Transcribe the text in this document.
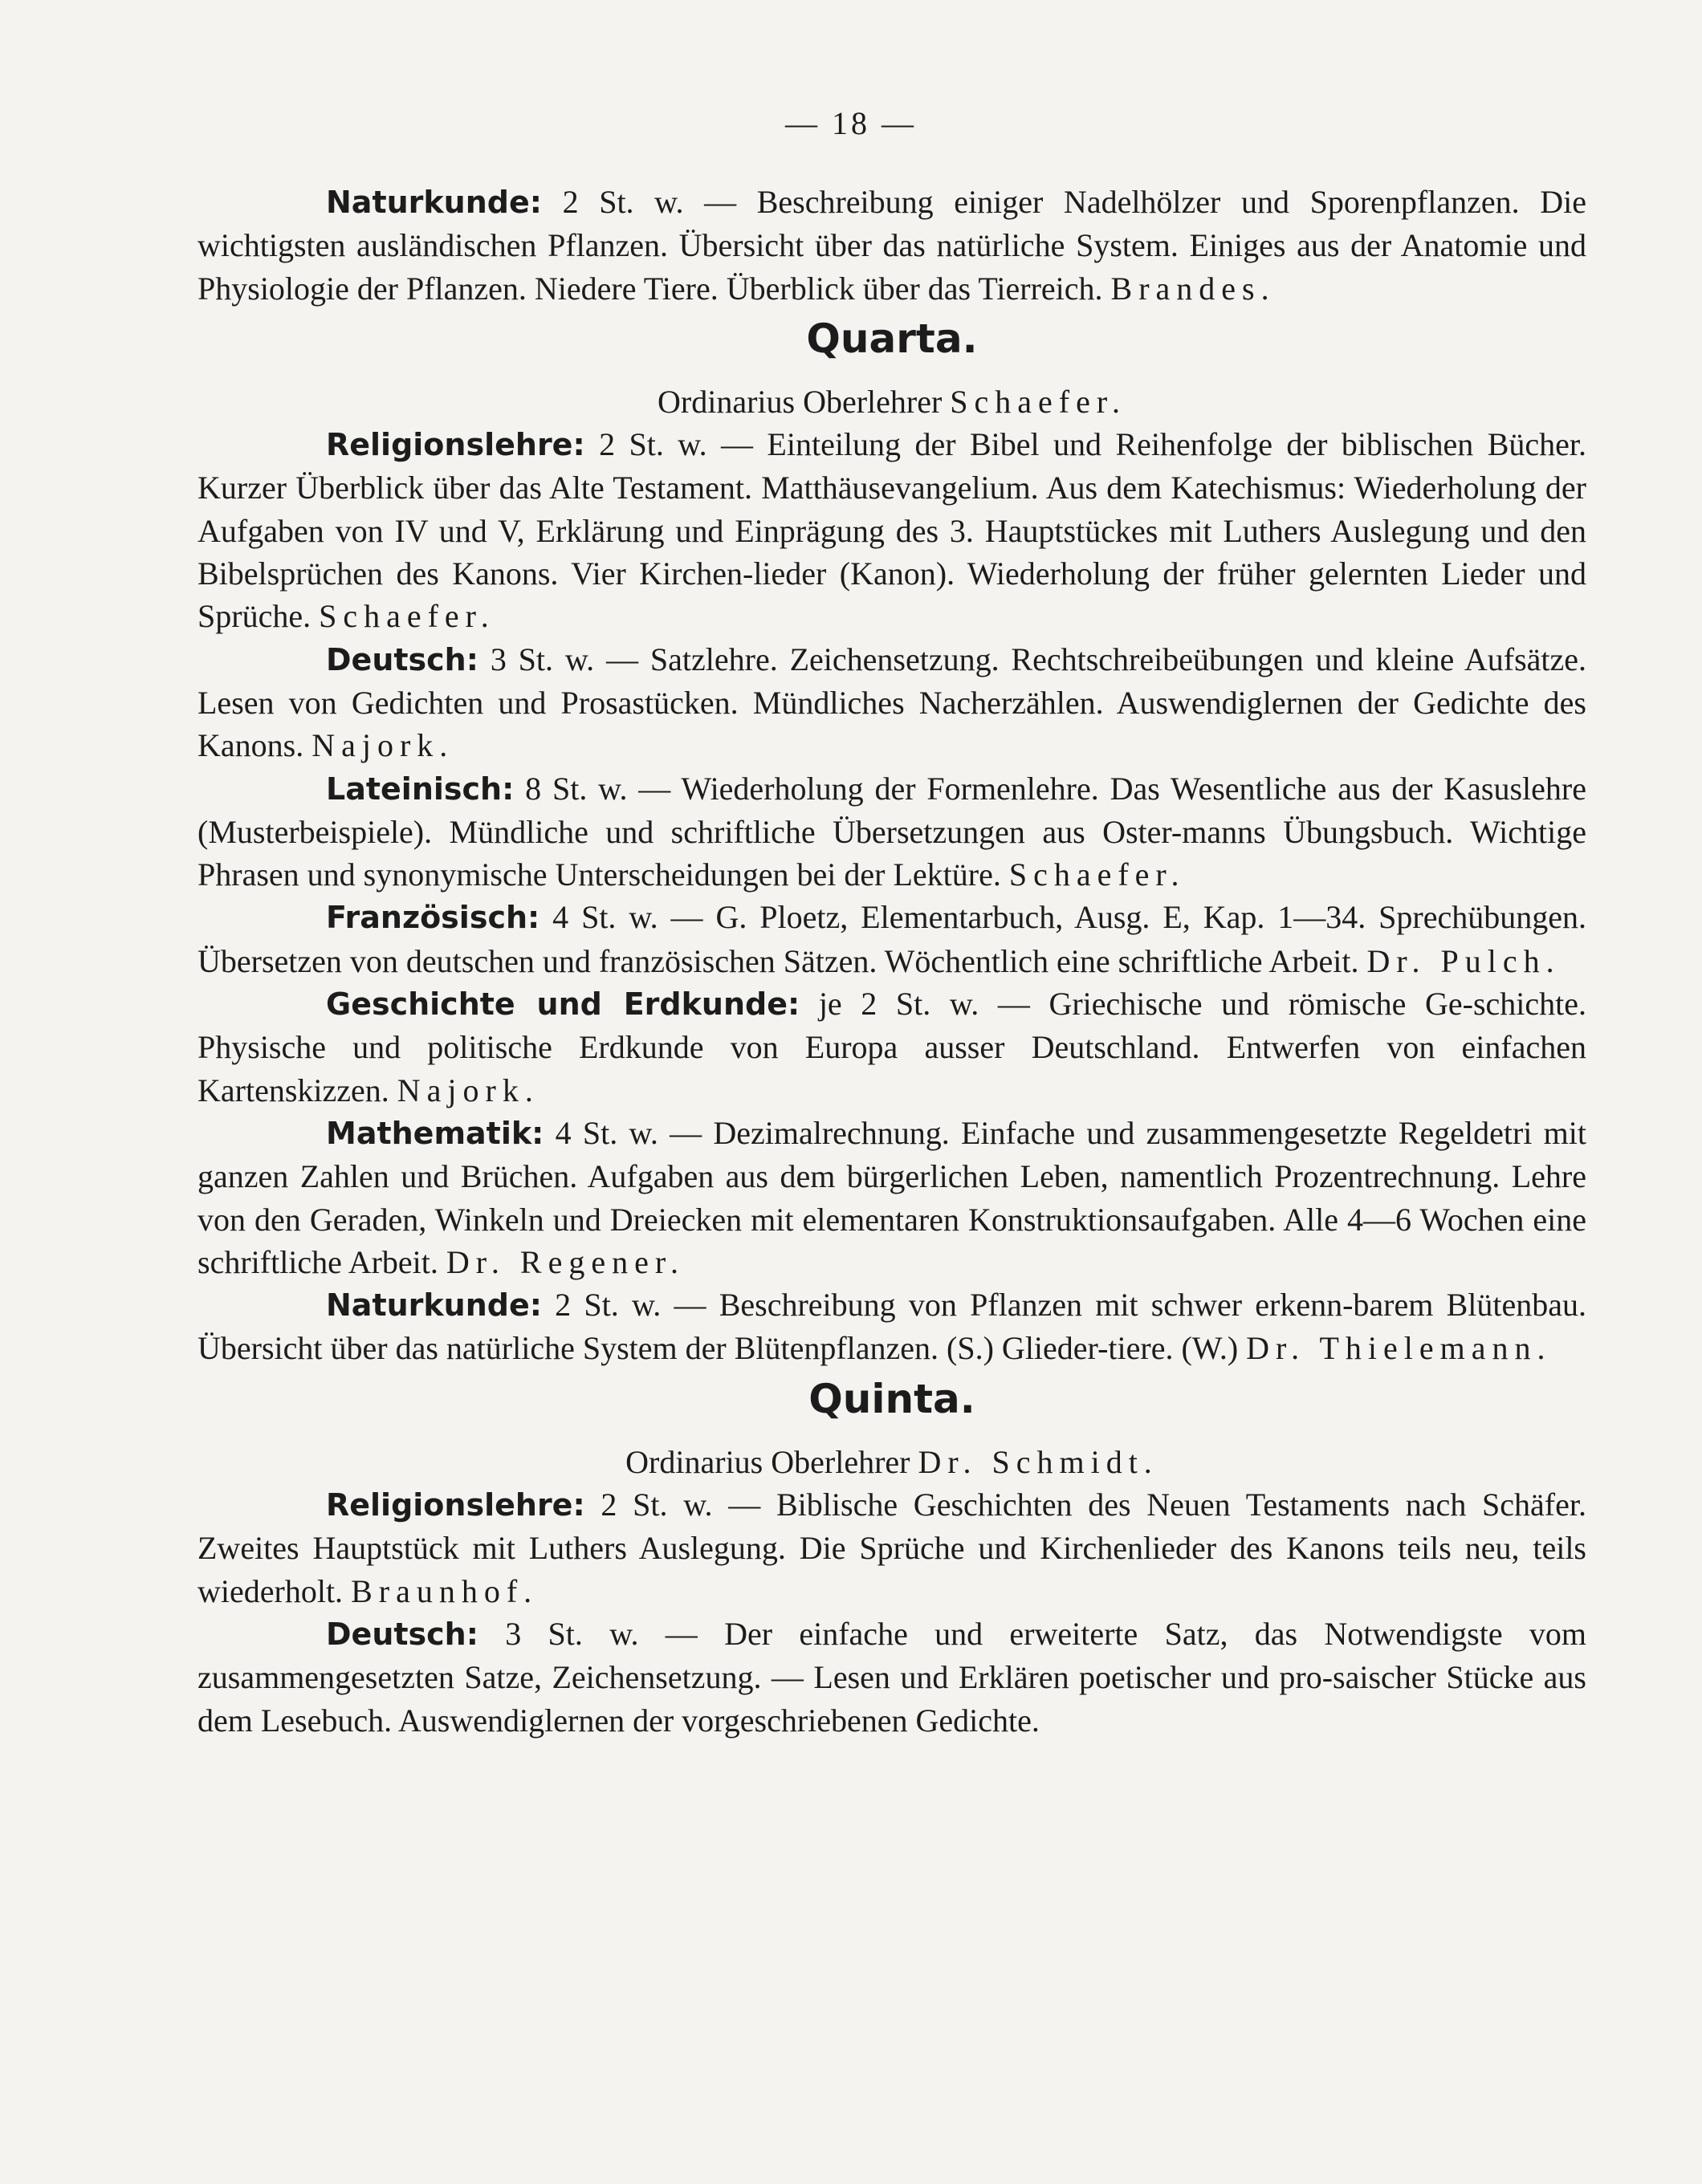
— 18 —

Naturkunde: 2 St. w. — Beschreibung einiger Nadelhölzer und Sporenpflanzen. Die wichtigsten ausländischen Pflanzen. Übersicht über das natürliche System. Einiges aus der Anatomie und Physiologie der Pflanzen. Niedere Tiere. Überblick über das Tierreich. Brandes.

Quarta.
Ordinarius Oberlehrer Schaefer.

Religionslehre: 2 St. w. — Einteilung der Bibel und Reihenfolge der biblischen Bücher. Kurzer Überblick über das Alte Testament. Matthäusevangelium. Aus dem Katechismus: Wiederholung der Aufgaben von IV und V, Erklärung und Einprägung des 3. Hauptstückes mit Luthers Auslegung und den Bibelsprüchen des Kanons. Vier Kirchen-lieder (Kanon). Wiederholung der früher gelernten Lieder und Sprüche. Schaefer.

Deutsch: 3 St. w. — Satzlehre. Zeichensetzung. Rechtschreibeübungen und kleine Aufsätze. Lesen von Gedichten und Prosastücken. Mündliches Nacherzählen. Auswendiglernen der Gedichte des Kanons. Najork.

Lateinisch: 8 St. w. — Wiederholung der Formenlehre. Das Wesentliche aus der Kasuslehre (Musterbeispiele). Mündliche und schriftliche Übersetzungen aus Oster-manns Übungsbuch. Wichtige Phrasen und synonymische Unterscheidungen bei der Lektüre. Schaefer.

Französisch: 4 St. w. — G. Ploetz, Elementarbuch, Ausg. E, Kap. 1—34. Sprechübungen. Übersetzen von deutschen und französischen Sätzen. Wöchentlich eine schriftliche Arbeit. Dr. Pulch.

Geschichte und Erdkunde: je 2 St. w. — Griechische und römische Ge-schichte. Physische und politische Erdkunde von Europa ausser Deutschland. Entwerfen von einfachen Kartenskizzen. Najork.

Mathematik: 4 St. w. — Dezimalrechnung. Einfache und zusammengesetzte Regeldetri mit ganzen Zahlen und Brüchen. Aufgaben aus dem bürgerlichen Leben, namentlich Prozentrechnung. Lehre von den Geraden, Winkeln und Dreiecken mit elementaren Konstruktionsaufgaben. Alle 4—6 Wochen eine schriftliche Arbeit. Dr. Regener.

Naturkunde: 2 St. w. — Beschreibung von Pflanzen mit schwer erkenn-barem Blütenbau. Übersicht über das natürliche System der Blütenpflanzen. (S.) Glieder-tiere. (W.) Dr. Thielemann.

Quinta.
Ordinarius Oberlehrer Dr. Schmidt.

Religionslehre: 2 St. w. — Biblische Geschichten des Neuen Testaments nach Schäfer. Zweites Hauptstück mit Luthers Auslegung. Die Sprüche und Kirchenlieder des Kanons teils neu, teils wiederholt. Braunhof.

Deutsch: 3 St. w. — Der einfache und erweiterte Satz, das Notwendigste vom zusammengesetzten Satze, Zeichensetzung. — Lesen und Erklären poetischer und pro-saischer Stücke aus dem Lesebuch. Auswendiglernen der vorgeschriebenen Gedichte.
